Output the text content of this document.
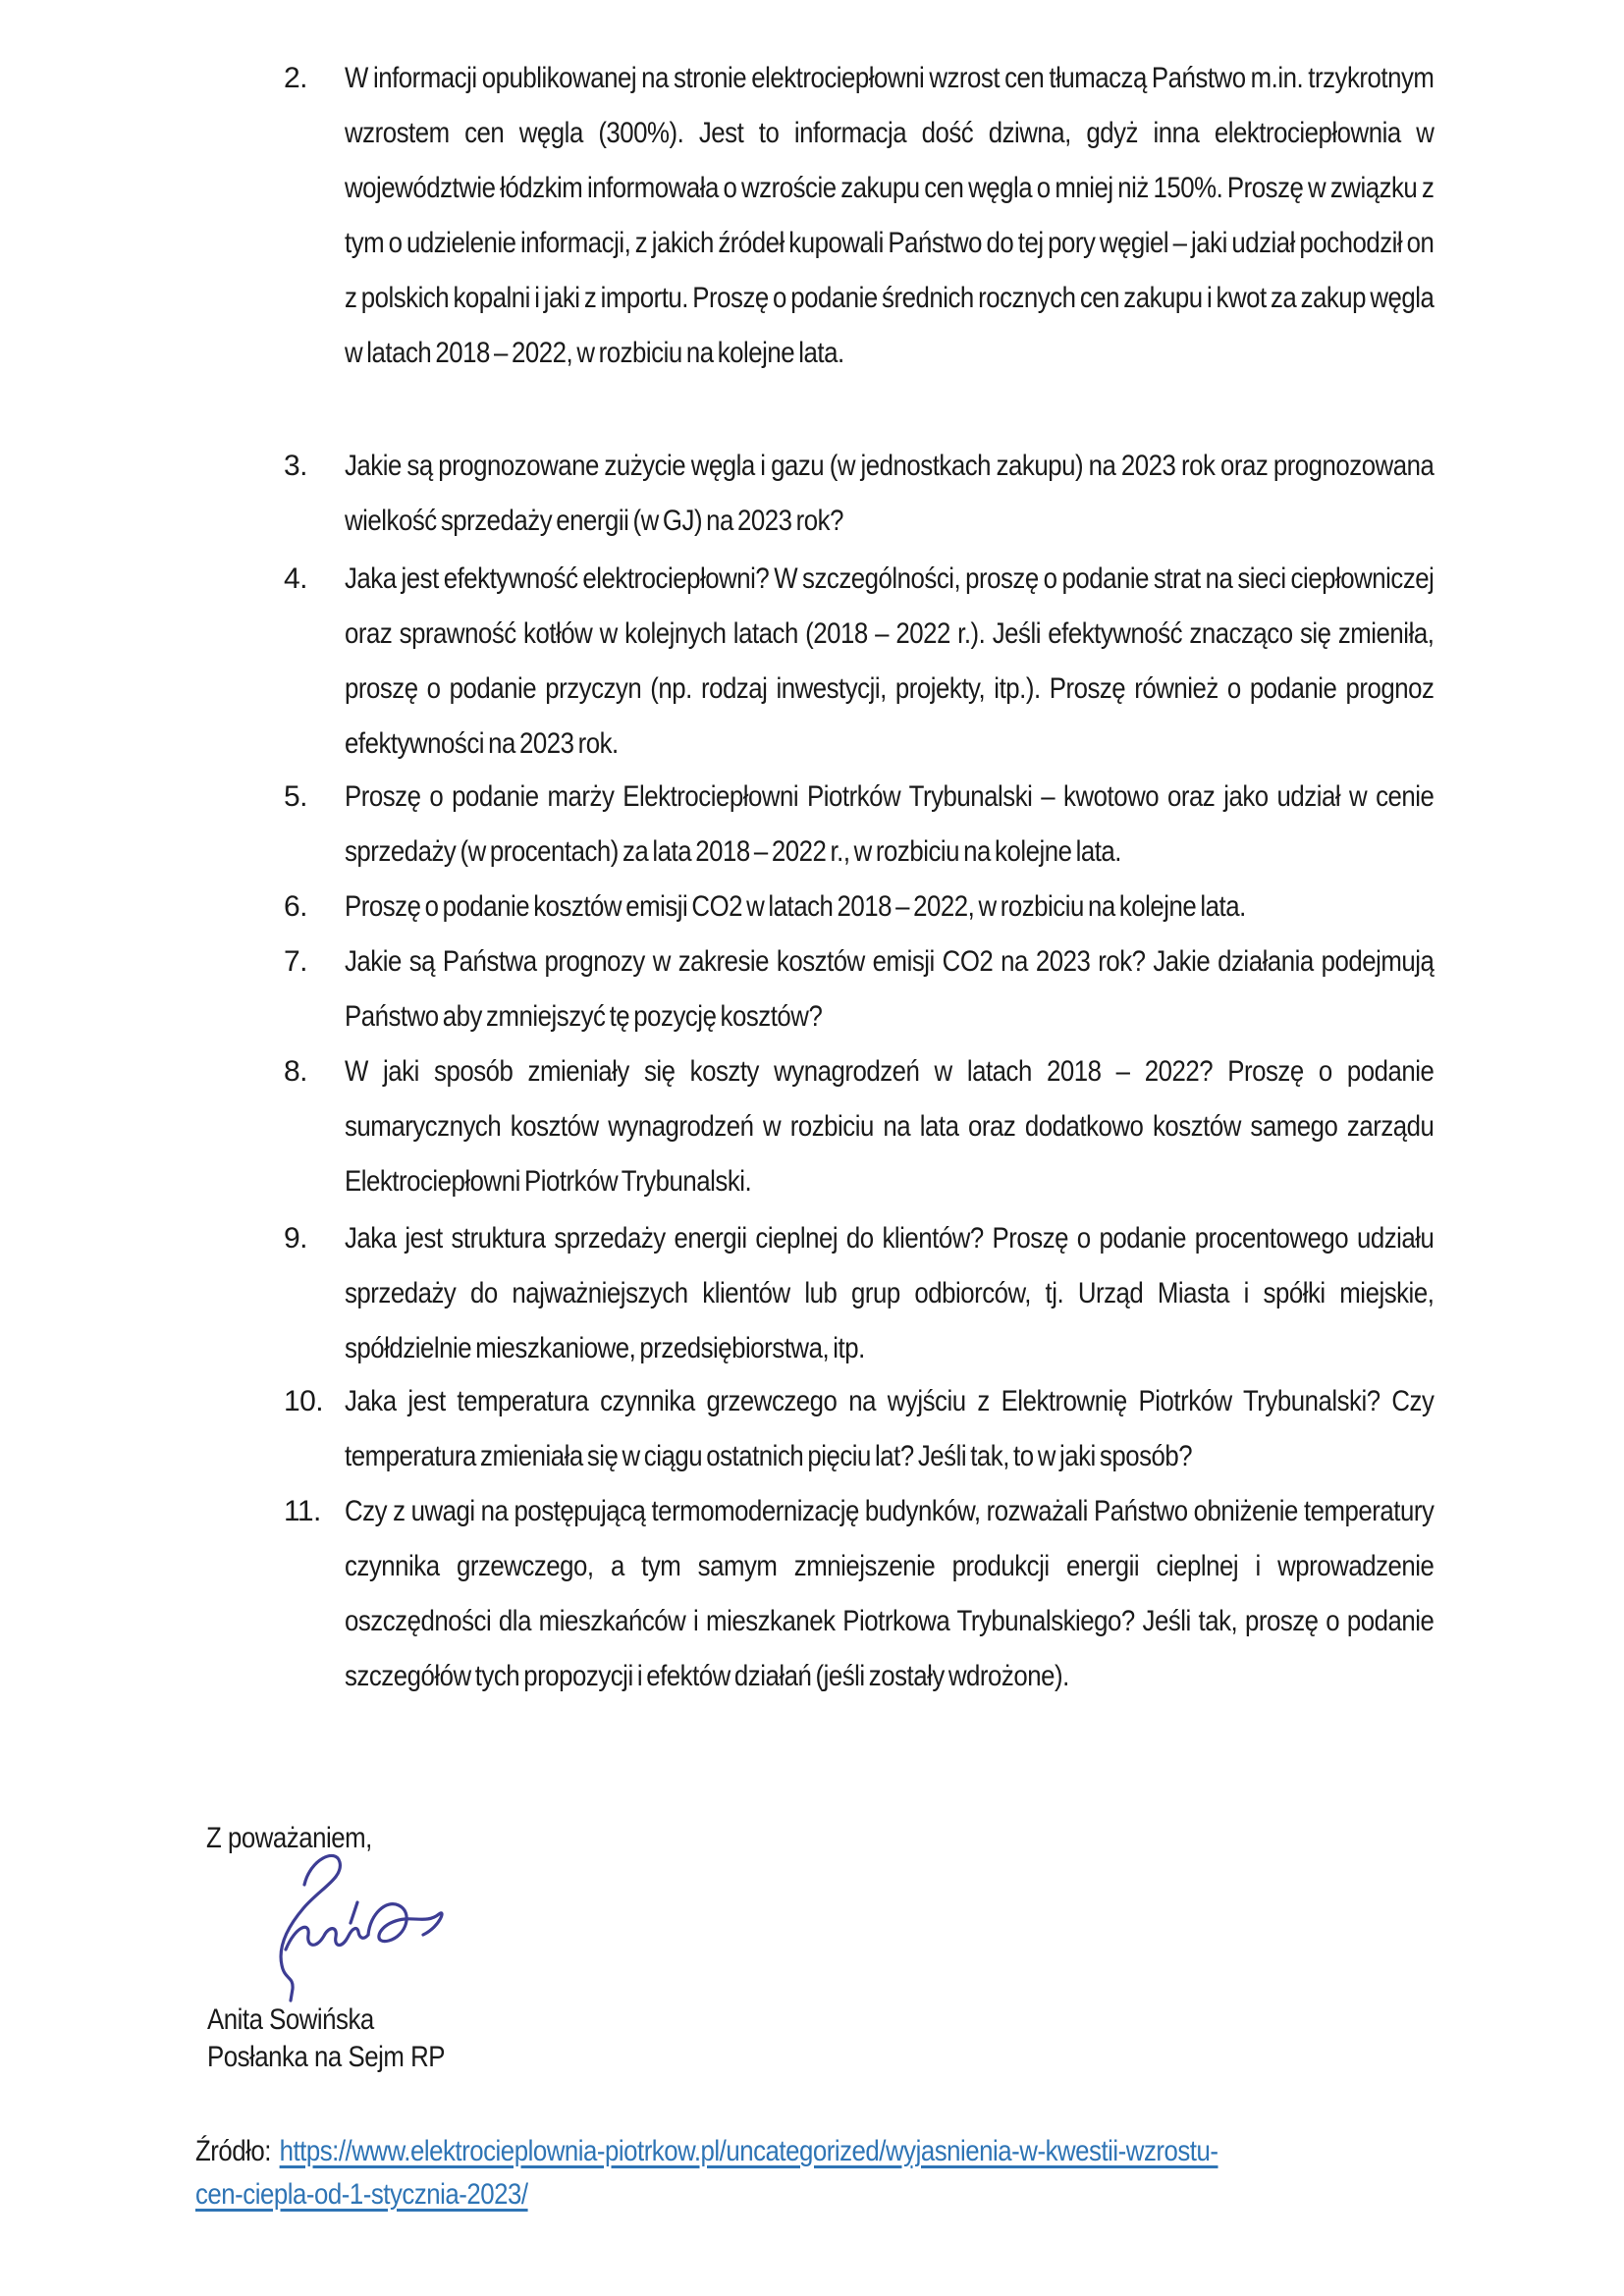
2. W informacji opublikowanej na stronie elektrociepłowni wzrost cen tłumaczą Państwo m.in. trzykrotnym wzrostem cen węgla (300%). Jest to informacja dość dziwna, gdyż inna elektrociepłownia w województwie łódzkim informowała o wzroście zakupu cen węgla o mniej niż 150%. Proszę w związku z tym o udzielenie informacji, z jakich źródeł kupowali Państwo do tej pory węgiel – jaki udział pochodził on z polskich kopalni i jaki z importu. Proszę o podanie średnich rocznych cen zakupu i kwot za zakup węgla w latach 2018 – 2022, w rozbiciu na kolejne lata.
3. Jakie są prognozowane zużycie węgla i gazu (w jednostkach zakupu) na 2023 rok oraz prognozowana wielkość sprzedaży energii (w GJ) na 2023 rok?
4. Jaka jest efektywność elektrociepłowni? W szczególności, proszę o podanie strat na sieci ciepłowniczej oraz sprawność kotłów w kolejnych latach (2018 – 2022 r.). Jeśli efektywność znacząco się zmieniła, proszę o podanie przyczyn (np. rodzaj inwestycji, projekty, itp.). Proszę również o podanie prognoz efektywności na 2023 rok.
5. Proszę o podanie marży Elektrociepłowni Piotrków Trybunalski – kwotowo oraz jako udział w cenie sprzedaży (w procentach) za lata 2018 – 2022 r., w rozbiciu na kolejne lata.
6. Proszę o podanie kosztów emisji CO2 w latach 2018 – 2022, w rozbiciu na kolejne lata.
7. Jakie są Państwa prognozy w zakresie kosztów emisji CO2 na 2023 rok? Jakie działania podejmują Państwo aby zmniejszyć tę pozycję kosztów?
8. W jaki sposób zmieniały się koszty wynagrodzeń w latach 2018 – 2022? Proszę o podanie sumarycznych kosztów wynagrodzeń w rozbiciu na lata oraz dodatkowo kosztów samego zarządu Elektrociepłowni Piotrków Trybunalski.
9. Jaka jest struktura sprzedaży energii cieplnej do klientów? Proszę o podanie procentowego udziału sprzedaży do najważniejszych klientów lub grup odbiorców, tj. Urząd Miasta i spółki miejskie, spółdzielnie mieszkaniowe, przedsiębiorstwa, itp.
10. Jaka jest temperatura czynnika grzewczego na wyjściu z Elektrownię Piotrków Trybunalski? Czy temperatura zmieniała się w ciągu ostatnich pięciu lat? Jeśli tak, to w jaki sposób?
11. Czy z uwagi na postępującą termomodernizację budynków, rozważali Państwo obniżenie temperatury czynnika grzewczego, a tym samym zmniejszenie produkcji energii cieplnej i wprowadzenie oszczędności dla mieszkańców i mieszkanek Piotrkowa Trybunalskiego? Jeśli tak, proszę o podanie szczegółów tych propozycji i efektów działań (jeśli zostały wdrożone).
Z poważaniem,
Anita Sowińska
Posłanka na Sejm RP
Źródło: https://www.elektrocieplownia-piotrkow.pl/uncategorized/wyjasnienia-w-kwestii-wzrostu-
cen-ciepla-od-1-stycznia-2023/
